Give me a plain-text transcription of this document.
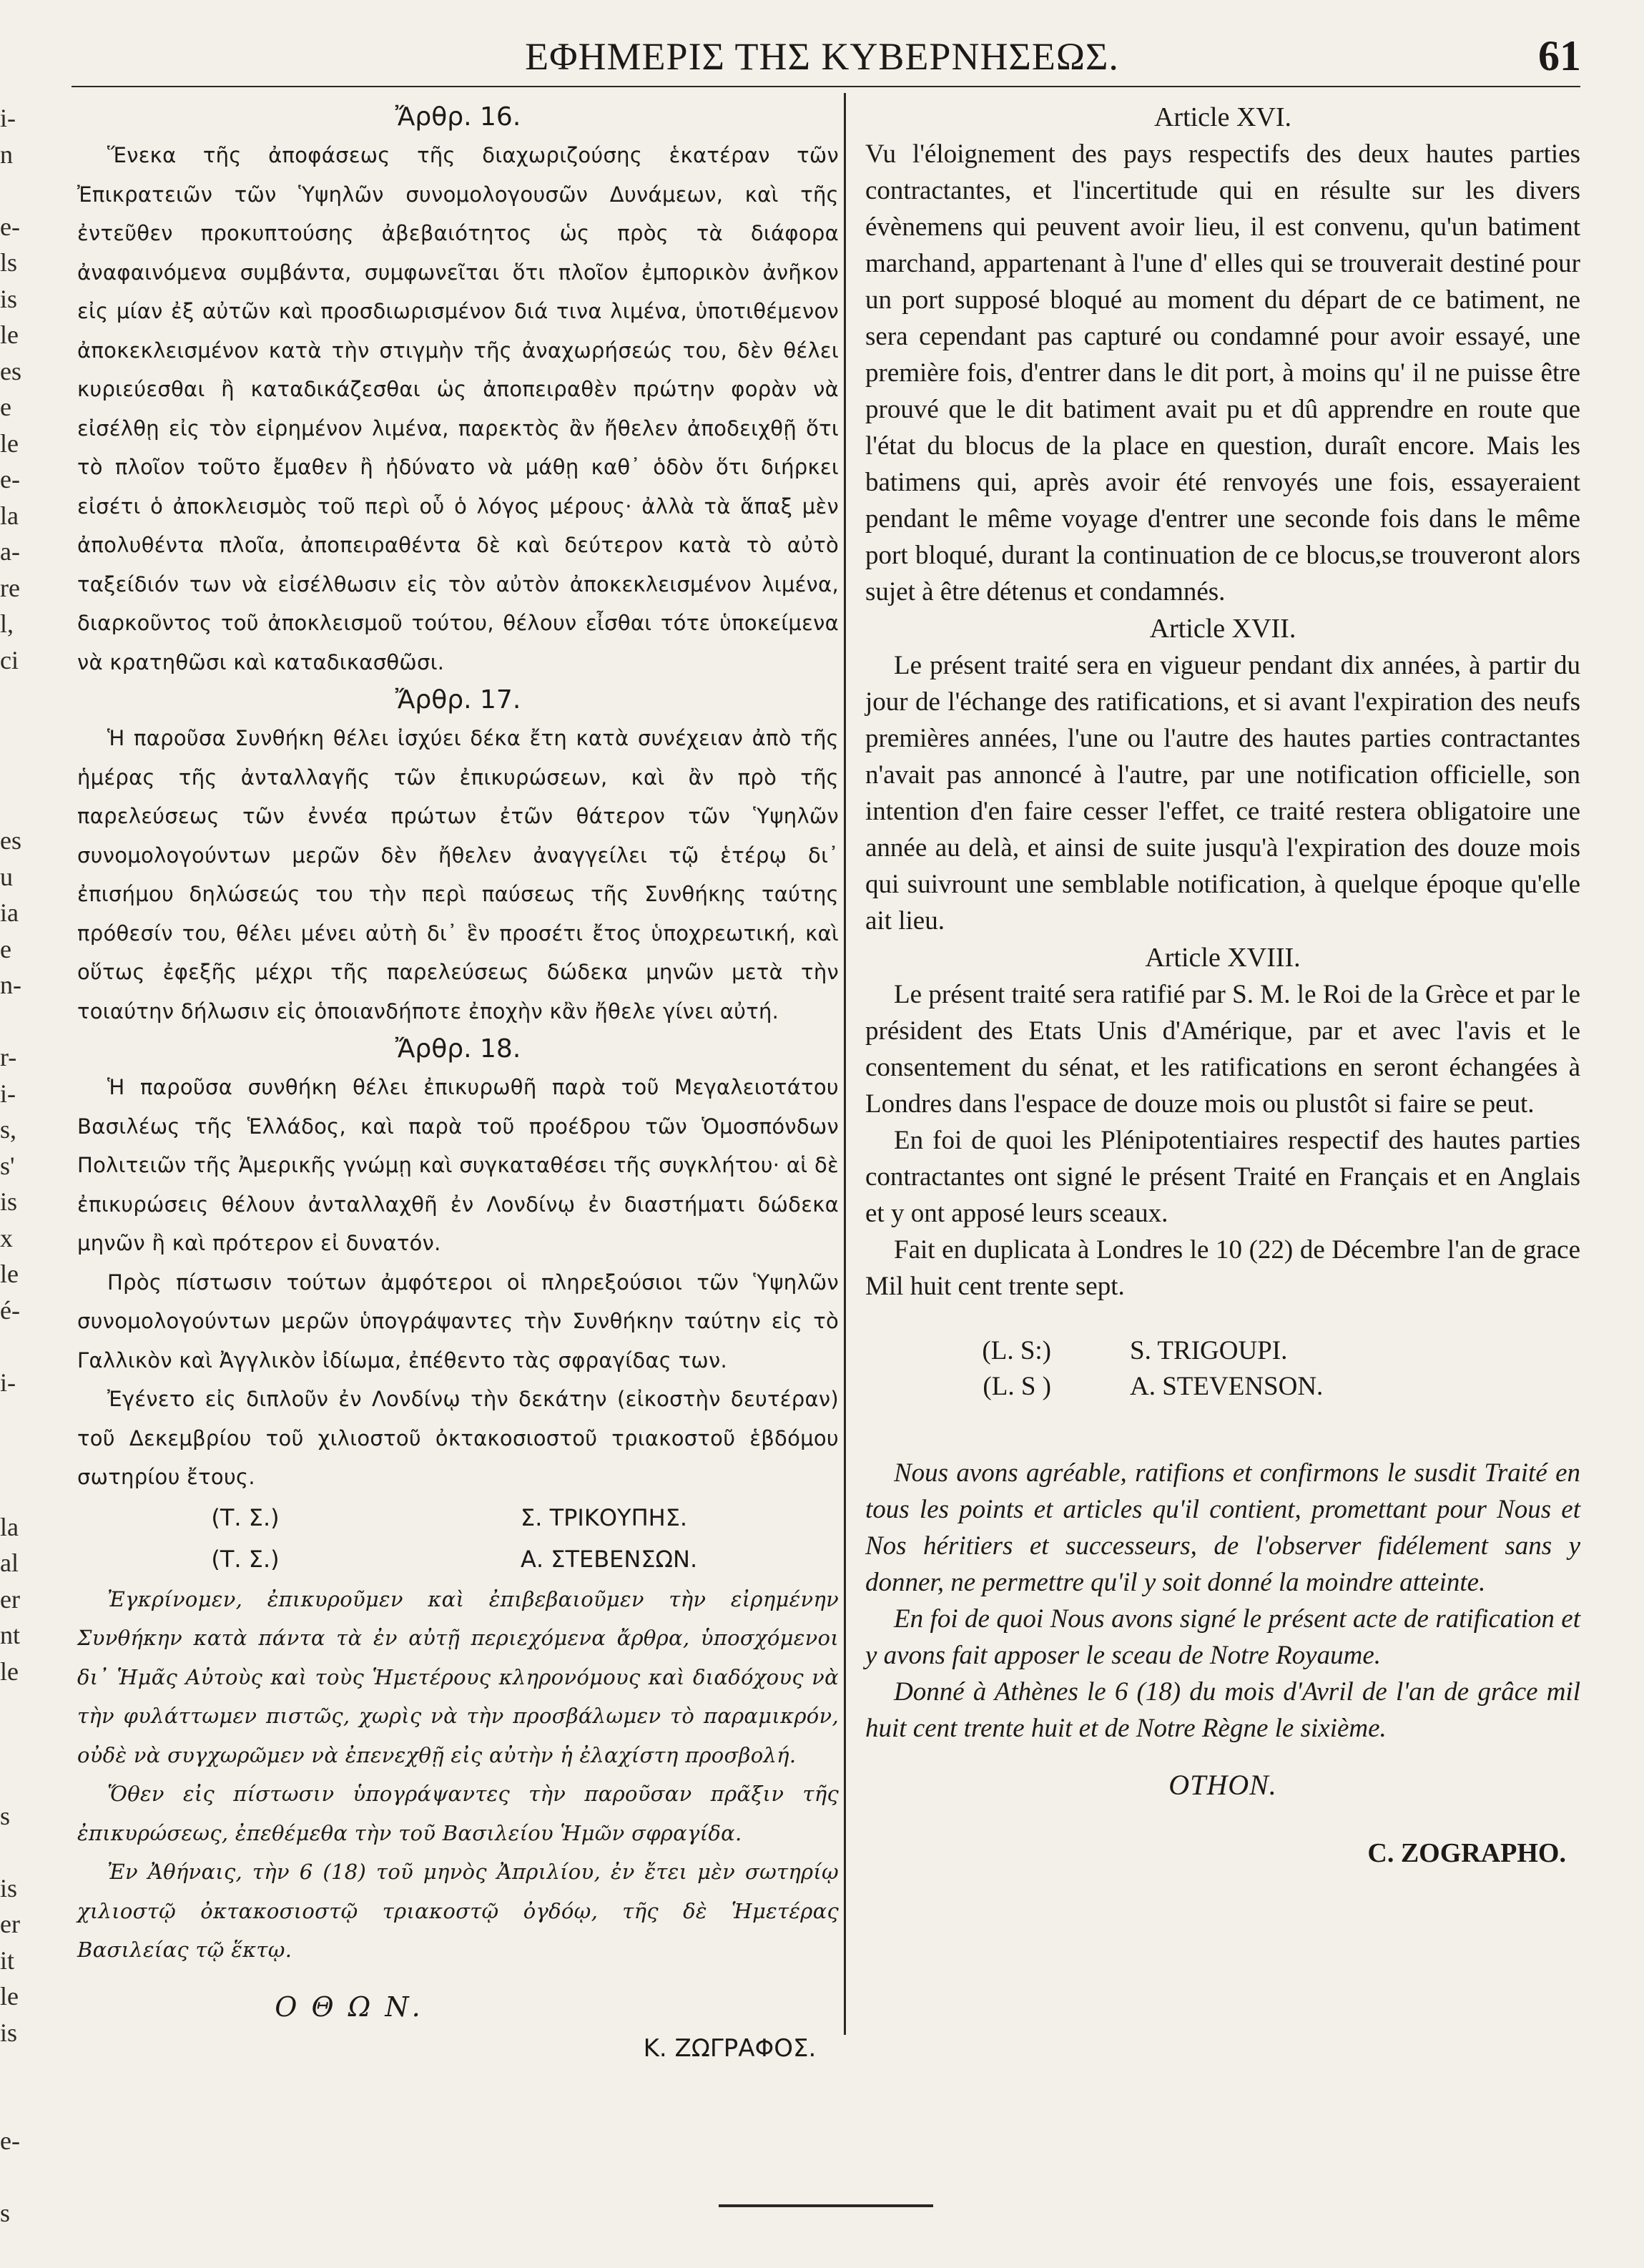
ΕΦΗΜΕΡΙΣ ΤΗΣ ΚΥΒΕΡΝΗΣΕΩΣ.	61
i-
n
e-
ls
is
le
es
e
le
e-
la
a-
re
l,
ci
es
u
ia
e
n-
r-
i-
s,
s'
is
x
le
é-
i-
la
al
er
nt
le
s
is
er
it
le
is
e-
s
Ἄρθρ. 16.

Ἕνεκα τῆς ἀποφάσεως τῆς διαχωριζούσης ἑκατέραν τῶν Ἐπικρατειῶν τῶν Ὑψηλῶν συνομολογουσῶν Δυνάμεων, καὶ τῆς ἐντεῦθεν προκυπτούσης ἀβεβαιότητος ὡς πρὸς τὰ διάφορα ἀναφαινόμενα συμβάντα, συμφωνεῖται ὅτι πλοῖον ἐμπορικὸν ἀνῆκον εἰς μίαν ἐξ αὐτῶν καὶ προσδιωρισμένον διά τινα λιμένα, ὑποτιθέμενον ἀποκεκλεισμένον κατὰ τὴν στιγμὴν τῆς ἀναχωρήσεώς του, δὲν θέλει κυριεύεσθαι ἢ καταδικάζεσθαι ὡς ἀποπειραθὲν πρώτην φορὰν νὰ εἰσέλθῃ εἰς τὸν εἰρημένον λιμένα, παρεκτὸς ἂν ἤθελεν ἀποδειχθῇ ὅτι τὸ πλοῖον τοῦτο ἔμαθεν ἢ ἠδύνατο νὰ μάθῃ καθ᾽ ὁδὸν ὅτι διήρκει εἰσέτι ὁ ἀποκλεισμὸς τοῦ περὶ οὗ ὁ λόγος μέρους· ἀλλὰ τὰ ἅπαξ μὲν ἀπολυθέντα πλοῖα, ἀποπειραθέντα δὲ καὶ δεύτερον κατὰ τὸ αὐτὸ ταξείδιόν των νὰ εἰσέλθωσιν εἰς τὸν αὐτὸν ἀποκεκλεισμένον λιμένα, διαρκοῦντος τοῦ ἀποκλεισμοῦ τούτου, θέλουν εἶσθαι τότε ὑποκείμενα νὰ κρατηθῶσι καὶ καταδικασθῶσι.

Ἄρθρ. 17.

Ἡ παροῦσα Συνθήκη θέλει ἰσχύει δέκα ἔτη κατὰ συνέχειαν ἀπὸ τῆς ἡμέρας τῆς ἀνταλλαγῆς τῶν ἐπικυρώσεων, καὶ ἂν πρὸ τῆς παρελεύσεως τῶν ἐννέα πρώτων ἐτῶν θάτερον τῶν Ὑψηλῶν συνομολογούντων μερῶν δὲν ἤθελεν ἀναγγείλει τῷ ἑτέρῳ δι᾽ ἐπισήμου δηλώσεώς του τὴν περὶ παύσεως τῆς Συνθήκης ταύτης πρόθεσίν του, θέλει μένει αὐτὴ δι᾽ ἓν προσέτι ἔτος ὑποχρεωτική, καὶ οὕτως ἐφεξῆς μέχρι τῆς παρελεύσεως δώδεκα μηνῶν μετὰ τὴν τοιαύτην δήλωσιν εἰς ὁποιανδήποτε ἐποχὴν κἂν ἤθελε γίνει αὐτή.

Ἄρθρ. 18.

Ἡ παροῦσα συνθήκη θέλει ἐπικυρωθῆ παρὰ τοῦ Μεγαλειοτάτου Βασιλέως τῆς Ἑλλάδος, καὶ παρὰ τοῦ προέδρου τῶν Ὁμοσπόνδων Πολιτειῶν τῆς Ἀμερικῆς γνώμῃ καὶ συγκαταθέσει τῆς συγκλήτου· αἱ δὲ ἐπικυρώσεις θέλουν ἀνταλλαχθῆ ἐν Λονδίνῳ ἐν διαστήματι δώδεκα μηνῶν ἢ καὶ πρότερον εἰ δυνατόν.

Πρὸς πίστωσιν τούτων ἀμφότεροι οἱ πληρεξούσιοι τῶν Ὑψηλῶν συνομολογούντων μερῶν ὑπογράψαντες τὴν Συνθήκην ταύτην εἰς τὸ Γαλλικὸν καὶ Ἀγγλικὸν ἰδίωμα, ἐπέθεντο τὰς σφραγίδας των.

Ἐγένετο εἰς διπλοῦν ἐν Λονδίνῳ τὴν δεκάτην (εἰκοστὴν δευτέραν) τοῦ Δεκεμβρίου τοῦ χιλιοστοῦ ὀκτακοσιοστοῦ τριακοστοῦ ἑβδόμου σωτηρίου ἔτους.

(Τ. Σ.)	Σ. ΤΡΙΚΟΥΠΗΣ.
(Τ. Σ.)	Α. ΣΤΕΒΕΝΣΩΝ.

Ἐγκρίνομεν, ἐπικυροῦμεν καὶ ἐπιβεβαιοῦμεν τὴν εἰρημένην Συνθήκην κατὰ πάντα τὰ ἐν αὐτῇ περιεχόμενα ἄρθρα, ὑποσχόμενοι δι᾽ Ἡμᾶς Αὐτοὺς καὶ τοὺς Ἡμετέρους κληρονόμους καὶ διαδόχους νὰ τὴν φυλάττωμεν πιστῶς, χωρὶς νὰ τὴν προσβάλωμεν τὸ παραμικρόν, οὐδὲ νὰ συγχωρῶμεν νὰ ἐπενεχθῇ εἰς αὐτὴν ἡ ἐλαχίστη προσβολή.

Ὅθεν εἰς πίστωσιν ὑπογράψαντες τὴν παροῦσαν πρᾶξιν τῆς ἐπικυρώσεως, ἐπεθέμεθα τὴν τοῦ Βασιλείου Ἡμῶν σφραγίδα.

Ἐν Ἀθήναις, τὴν 6 (18) τοῦ μηνὸς Ἀπριλίου, ἐν ἔτει μὲν σωτηρίῳ χιλιοστῷ ὀκτακοσιοστῷ τριακοστῷ ὀγδόῳ, τῆς δὲ Ἡμετέρας Βασιλείας τῷ ἕκτῳ.

Ο Θ Ω Ν.
Κ. ΖΩΓΡΑΦΟΣ.
Article XVI.

Vu l'éloignement des pays respectifs des deux hautes parties contractantes, et l'incertitude qui en résulte sur les divers évènemens qui peuvent avoir lieu, il est convenu, qu'un batiment marchand, appartenant à l'une d' elles qui se trouverait destiné pour un port supposé bloqué au moment du départ de ce batiment, ne sera cependant pas capturé ou condamné pour avoir essayé, une première fois, d'entrer dans le dit port, à moins qu' il ne puisse être prouvé que le dit batiment avait pu et dû apprendre en route que l'état du blocus de la place en question, duraît encore. Mais les batimens qui, après avoir été renvoyés une fois, essayeraient pendant le même voyage d'entrer une seconde fois dans le même port bloqué, durant la continuation de ce blocus,se trouveront alors sujet à être détenus et condamnés.

Article XVII.

Le présent traité sera en vigueur pendant dix années, à partir du jour de l'échange des ratifications, et si avant l'expiration des neufs premières années, l'une ou l'autre des hautes parties contractantes n'avait pas annoncé à l'autre, par une notification officielle, son intention d'en faire cesser l'effet, ce traité restera obligatoire une année au delà, et ainsi de suite jusqu'à l'expiration des douze mois qui suivrount une semblable notification, à quelque époque qu'elle ait lieu.

Article XVIII.

Le présent traité sera ratifié par S. M. le Roi de la Grèce et par le président des Etats Unis d'Amérique, par et avec l'avis et le consentement du sénat, et les ratifications en seront échangées à Londres dans l'espace de douze mois ou plustôt si faire se peut.

En foi de quoi les Plénipotentiaires respectif des hautes parties contractantes ont signé le présent Traité en Français et en Anglais et y ont apposé leurs sceaux.

Fait en duplicata à Londres le 10 (22) de Décembre l'an de grace Mil huit cent trente sept.

(L. S:)	S. TRIGOUPI.
(L. S )	A. STEVENSON.

Nous avons agréable, ratifions et confirmons le susdit Traité en tous les points et articles qu'il contient, promettant pour Nous et Nos héritiers et successeurs, de l'observer fidélement sans y donner, ne permettre qu'il y soit donné la moindre atteinte.

En foi de quoi Nous avons signé le présent acte de ratification et y avons fait apposer le sceau de Notre Royaume.

Donné à Athènes le 6 (18) du mois d'Avril de l'an de grâce mil huit cent trente huit et de Notre Règne le sixième.

OTHON.
C. ZOGRAPHO.
